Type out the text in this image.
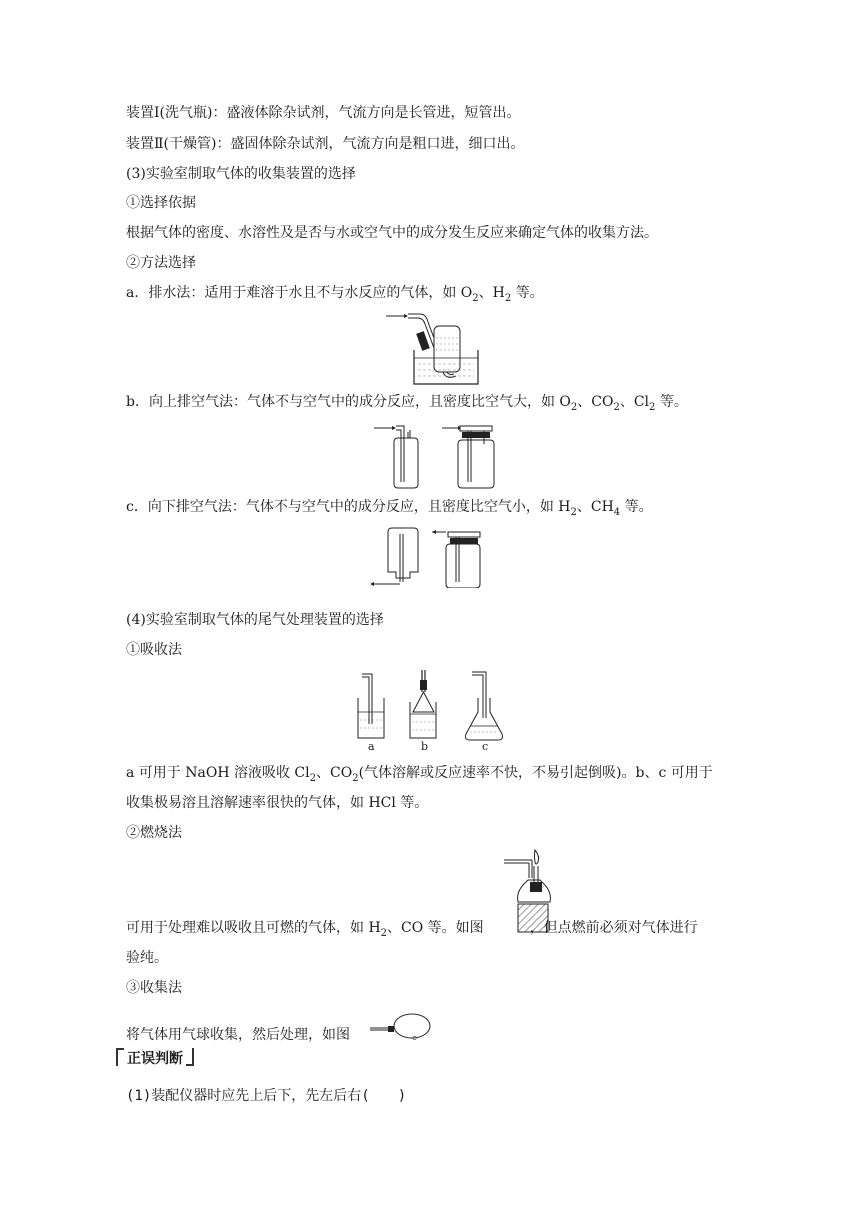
装置Ⅰ(洗气瓶)：盛液体除杂试剂，气流方向是长管进，短管出。
装置Ⅱ(干燥管)：盛固体除杂试剂，气流方向是粗口进，细口出。
(3)实验室制取气体的收集装置的选择
①选择依据
根据气体的密度、水溶性及是否与水或空气中的成分发生反应来确定气体的收集方法。
②方法选择
a．排水法：适用于难溶于水且不与水反应的气体，如 $O_2$、$H_2$ 等。
b．向上排空气法：气体不与空气中的成分反应，且密度比空气大，如 $O_2$、$CO_2$、$Cl_2$ 等。
c．向下排空气法：气体不与空气中的成分反应，且密度比空气小，如 $H_2$、$CH_4$ 等。
(4)实验室制取气体的尾气处理装置的选择
①吸收法
a	b	c
a 可用于 NaOH 溶液吸收 $Cl_2$、$CO_2$(气体溶解或反应速率不快，不易引起倒吸)。b、c 可用于
收集极易溶且溶解速率很快的气体，如 HCl 等。
②燃烧法
可用于处理难以吸收且可燃的气体，如 $H_2$、CO 等。如图	，但点燃前必须对气体进行
验纯。
③收集法
将气体用气球收集，然后处理，如图	。
正误判断
(1)装配仪器时应先上后下，先左后右(　　)
